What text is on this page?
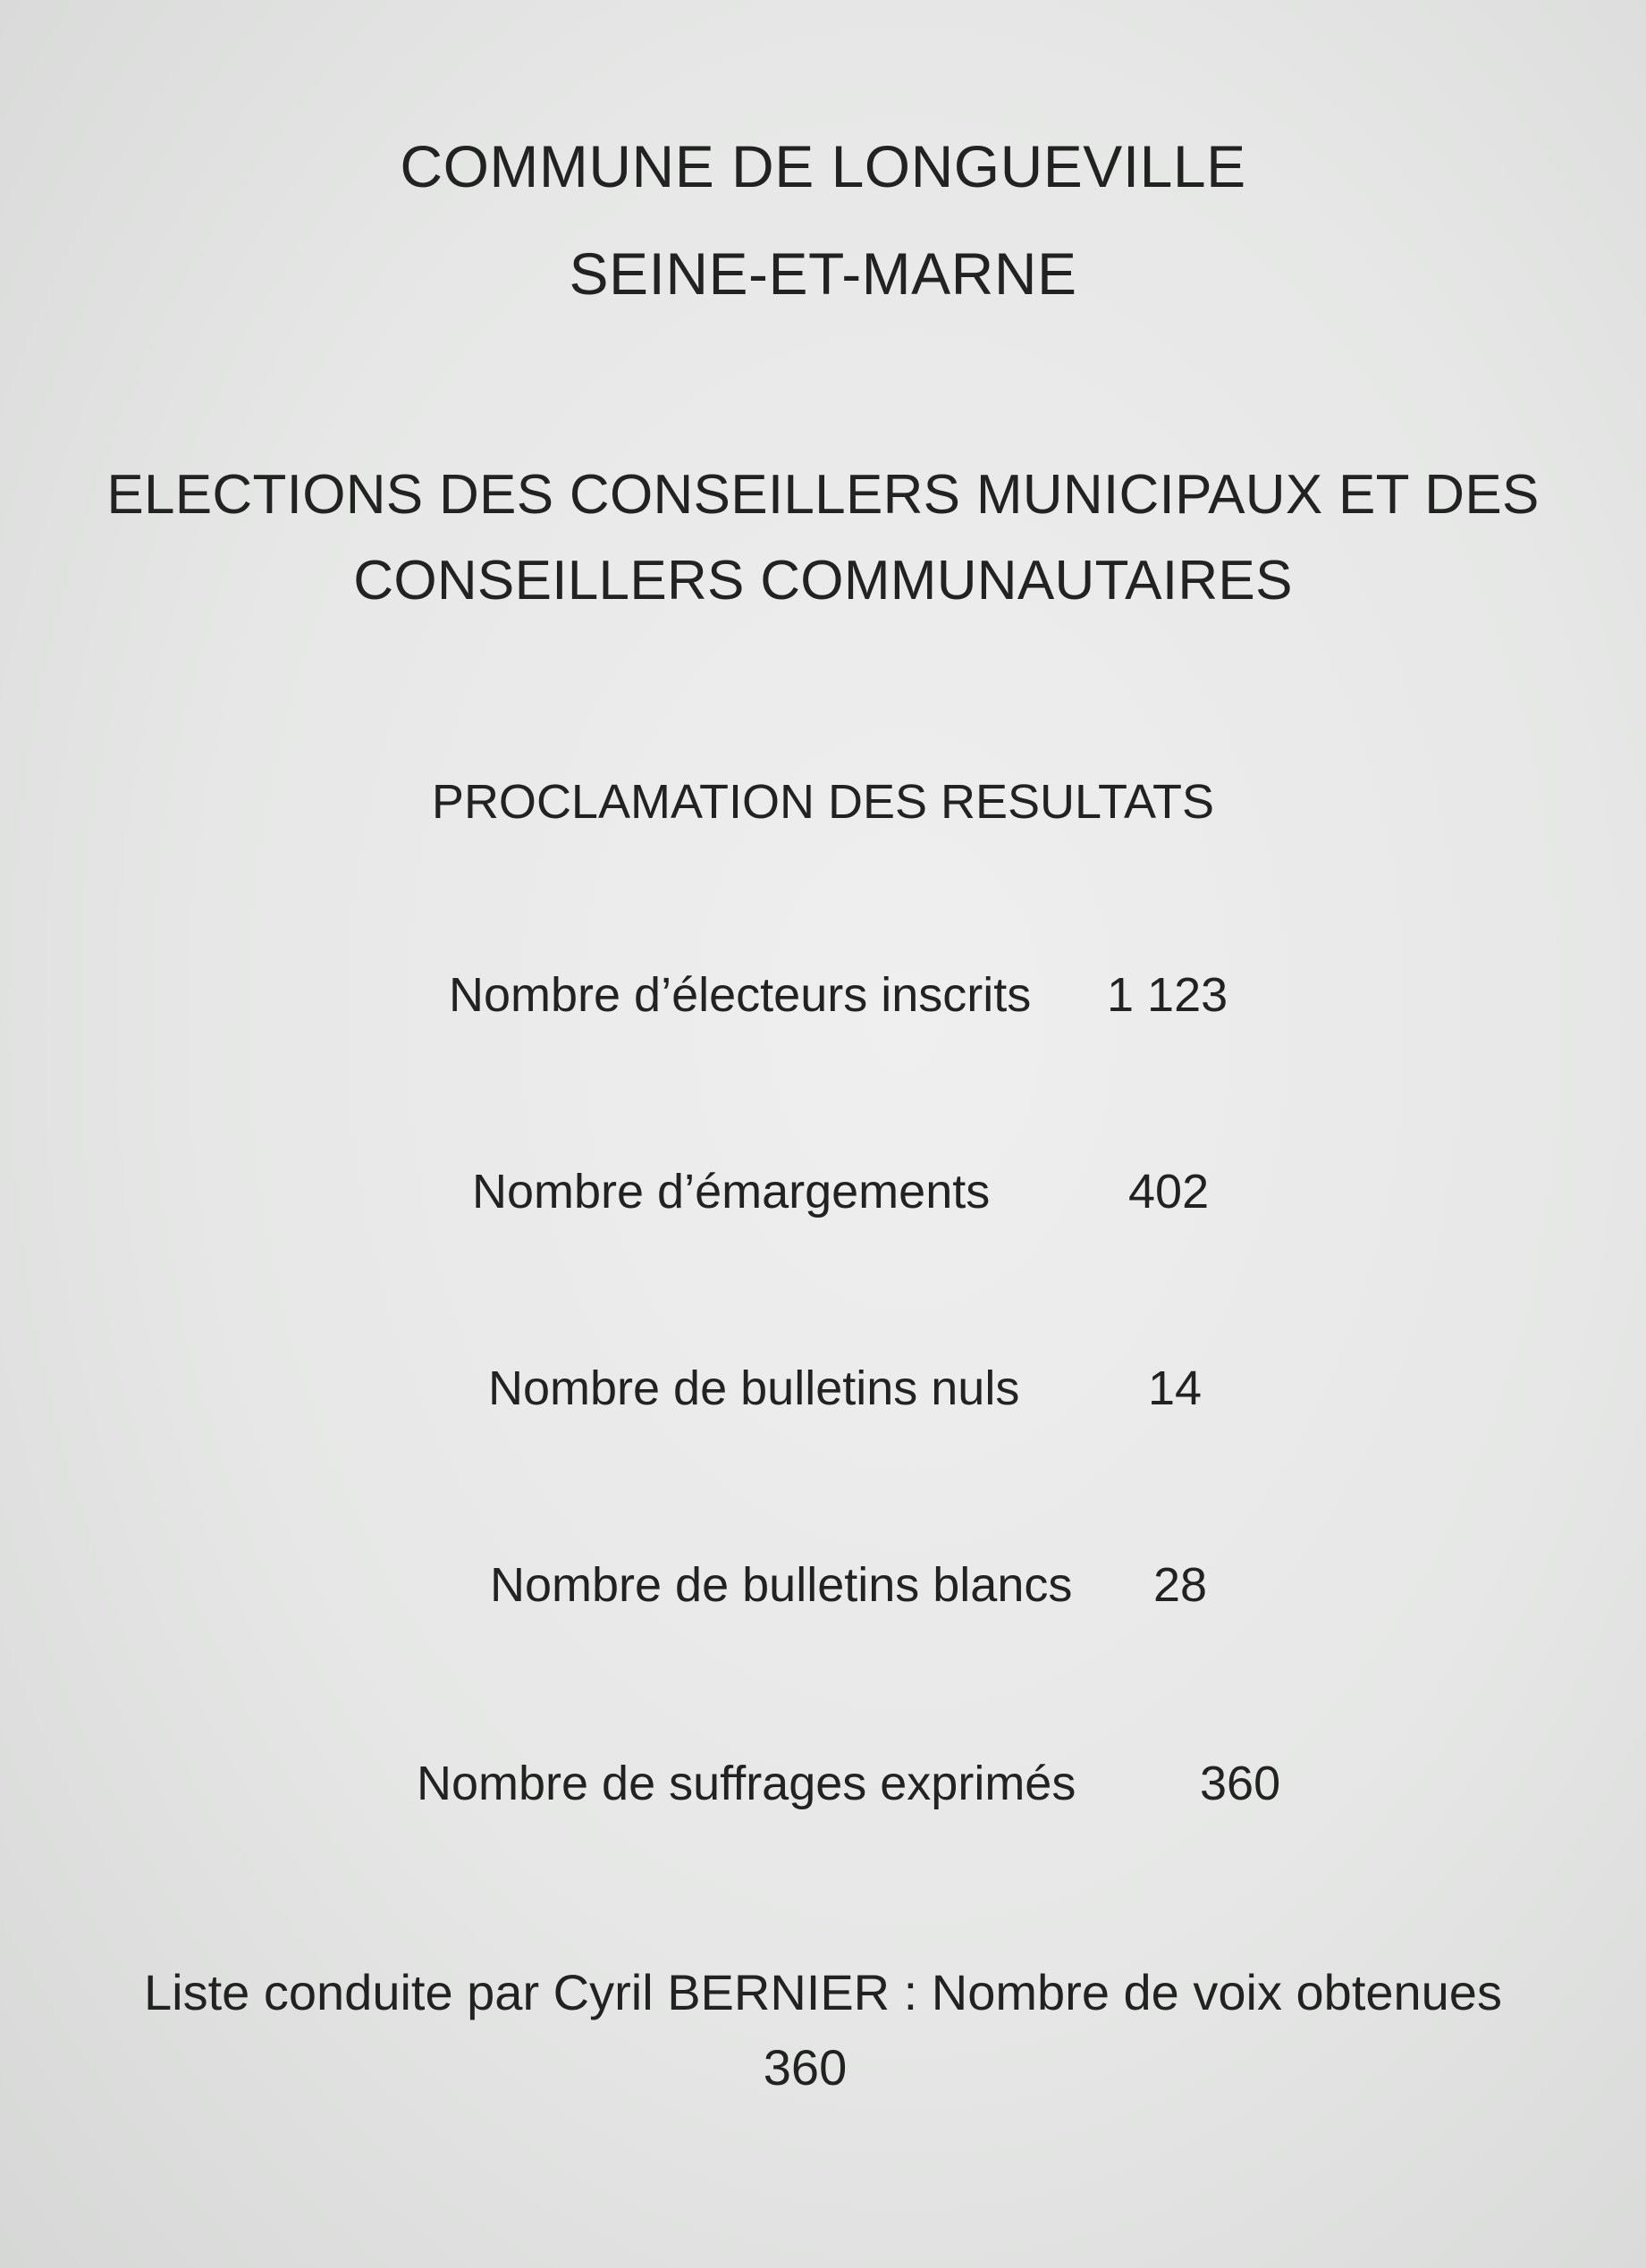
COMMUNE DE LONGUEVILLE
SEINE-ET-MARNE
ELECTIONS DES CONSEILLERS MUNICIPAUX ET DES
CONSEILLERS COMMUNAUTAIRES
PROCLAMATION DES RESULTATS
Nombre d’électeurs inscrits 1 123
Nombre d’émargements	402
Nombre de bulletins nuls	14
Nombre de bulletins blancs 28
Nombre de suffrages exprimés	360
Liste conduite par Cyril BERNIER : Nombre de voix obtenues
360
